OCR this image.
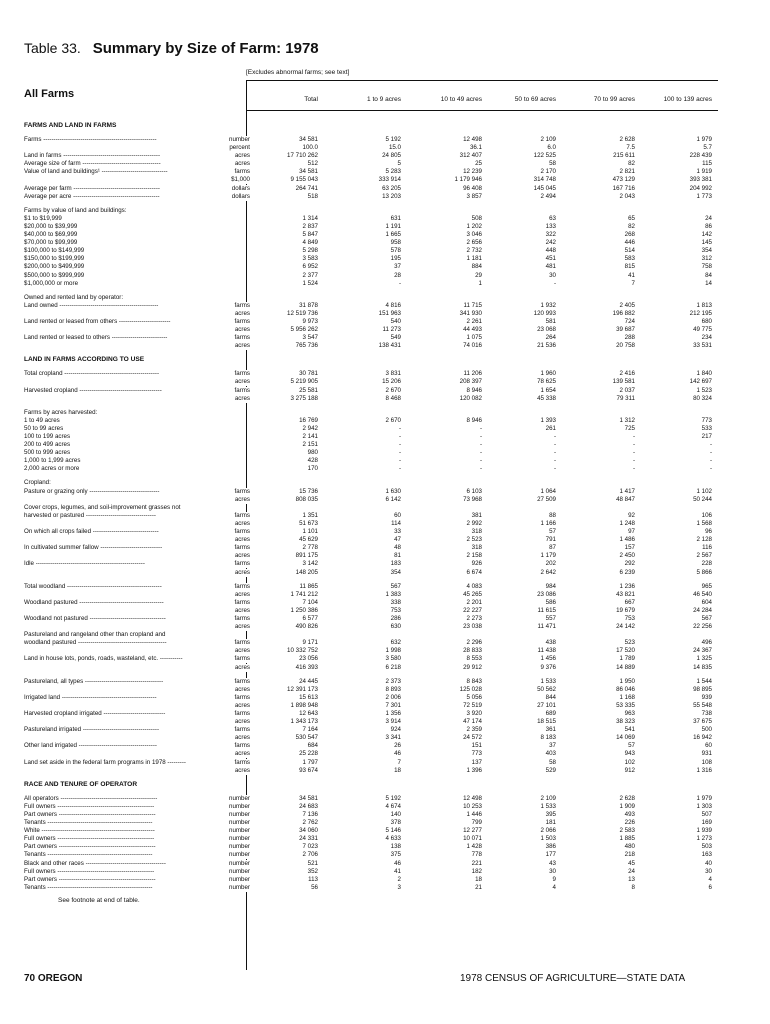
Table 33. Summary by Size of Farm: 1978
[Excludes abnormal farms; see text]
All Farms	Total	1 to 9 acres	10 to 49 acres	50 to 69 acres	70 to 99 acres	100 to 139 acres
FARMS AND LAND IN FARMS
Farms -------------------------------------------------------	number	34 581	5 192	12 498	2 109	2 628	1 979
percent	100.0	15.0	36.1	6.0	7.5	5.7
Land in farms -----------------------------------------------	acres	17 710 262	24 805	312 407	122 525	215 611	228 439
Average size of farm --------------------------------------	acres	512	5	25	58	82	115
Value of land and buildings¹ --------------------------------	farms	34 581	5 283	12 239	2 170	2 821	1 919
$1,000	9 155 043	333 914	1 179 946	314 748	473 129	393 381
Average per farm ------------------------------------------	dollars	264 741	63 205	96 408	145 045	167 716	204 992
Average per acre ------------------------------------------	dollars	518	13 203	3 857	2 494	2 043	1 773
Farms by value of land and buildings:
$1 to $19,999	1 314	631	508	63	65	24
$20,000 to $39,999	2 837	1 191	1 202	133	82	86
$40,000 to $69,999	5 847	1 665	3 046	322	268	142
$70,000 to $99,999	4 849	958	2 656	242	446	145
$100,000 to $149,999	5 298	578	2 732	448	514	354
$150,000 to $199,999	3 583	195	1 181	451	583	312
$200,000 to $499,999	6 952	37	884	481	815	758
$500,000 to $999,999	2 377	28	29	30	41	84
$1,000,000 or more	1 524	-	1	-	7	14
Owned and rented land by operator:
Land owned ------------------------------------------------	farms	31 878	4 816	11 715	1 932	2 405	1 813
acres	12 519 736	151 963	341 930	120 993	196 882	212 195
Land rented or leased from others -------------------------	farms	9 973	540	2 261	581	724	680
acres	5 956 262	11 273	44 493	23 068	39 687	49 775
Land rented or leased to others ---------------------------	farms	3 547	549	1 075	264	288	234
acres	765 736	138 431	74 016	21 536	20 758	33 531
LAND IN FARMS ACCORDING TO USE
Total cropland ----------------------------------------------	farms	30 781	3 831	11 206	1 960	2 416	1 840
acres	5 219 905	15 206	208 397	78 625	139 581	142 697
Harvested cropland ----------------------------------------	farms	25 581	2 670	8 946	1 654	2 037	1 523
acres	3 275 188	8 468	120 082	45 338	79 311	80 324
Farms by acres harvested:
1 to 49 acres	16 769	2 670	8 946	1 393	1 312	773
50 to 99 acres	2 942	-	-	261	725	533
100 to 199 acres	2 141	-	-	-	-	217
200 to 499 acres	2 151	-	-	-	-	-
500 to 999 acres	980	-	-	-	-	-
1,000 to 1,999 acres	428	-	-	-	-	-
2,000 acres or more	170	-	-	-	-	-
Cropland:
Pasture or grazing only ----------------------------------	farms	15 736	1 630	6 103	1 064	1 417	1 102
acres	808 035	6 142	73 968	27 509	48 847	50 244
Cover crops, legumes, and soil-improvement grasses not
harvested or pastured ----------------------------------	farms	1 351	60	381	88	92	106
acres	51 673	114	2 992	1 166	1 248	1 568
On which all crops failed --------------------------------	farms	1 101	33	318	57	97	96
acres	45 629	47	2 523	791	1 486	2 128
In cultivated summer fallow ------------------------------	farms	2 778	48	318	87	157	116
acres	891 175	81	2 158	1 179	2 450	2 567
Idle -----------------------------------------------------	farms	3 142	183	926	202	292	228
acres	148 205	354	6 674	2 642	6 239	5 866
Total woodland ----------------------------------------------	farms	11 865	567	4 083	984	1 236	965
acres	1 741 212	1 383	45 265	23 086	43 821	46 540
Woodland pastured -----------------------------------------	farms	7 104	338	2 201	586	667	604
acres	1 250 386	753	22 227	11 615	19 679	24 284
Woodland not pastured -------------------------------------	farms	6 577	286	2 273	557	753	567
acres	490 826	630	23 038	11 471	24 142	22 256
Pastureland and rangeland other than cropland and
woodland pastured -------------------------------------------	farms	9 171	632	2 296	438	523	496
acres	10 332 752	1 998	28 833	11 438	17 520	24 367
Land in house lots, ponds, roads, wasteland, etc. -----------	farms	23 056	3 580	8 553	1 456	1 789	1 325
acres	416 393	6 218	29 912	9 376	14 889	14 835
Pastureland, all types --------------------------------------	farms	24 445	2 373	8 843	1 533	1 950	1 544
acres	12 391 173	8 893	125 028	50 562	86 046	98 895
Irrigated land ----------------------------------------------	farms	15 613	2 006	5 056	844	1 168	939
acres	1 898 948	7 301	72 519	27 101	53 335	55 548
Harvested cropland irrigated ------------------------------	farms	12 643	1 356	3 920	689	963	738
acres	1 343 173	3 914	47 174	18 515	38 323	37 675
Pastureland irrigated -------------------------------------	farms	7 164	924	2 359	361	541	500
acres	530 547	3 341	24 572	8 183	14 069	16 942
Other land irrigated --------------------------------------	farms	684	26	151	37	57	60
acres	25 228	46	773	403	943	931
Land set aside in the federal farm programs in 1978 ---------	farms	1 797	7	137	58	102	108
acres	93 674	18	1 396	529	912	1 316
RACE AND TENURE OF OPERATOR
All operators -----------------------------------------------	number	34 581	5 192	12 498	2 109	2 628	1 979
Full owners -----------------------------------------------	number	24 683	4 674	10 253	1 533	1 909	1 303
Part owners -----------------------------------------------	number	7 136	140	1 446	395	493	507
Tenants ---------------------------------------------------	number	2 762	378	799	181	226	169
White -------------------------------------------------------	number	34 060	5 146	12 277	2 066	2 583	1 939
Full owners -----------------------------------------------	number	24 331	4 633	10 071	1 503	1 885	1 273
Part owners -----------------------------------------------	number	7 023	138	1 428	386	480	503
Tenants ---------------------------------------------------	number	2 706	375	778	177	218	163
Black and other races ---------------------------------------	number	521	46	221	43	45	40
Full owners -----------------------------------------------	number	352	41	182	30	24	30
Part owners -----------------------------------------------	number	113	2	18	9	13	4
Tenants ---------------------------------------------------	number	56	3	21	4	8	6
See footnote at end of table.
70 OREGON	1978 CENSUS OF AGRICULTURE—STATE DATA
